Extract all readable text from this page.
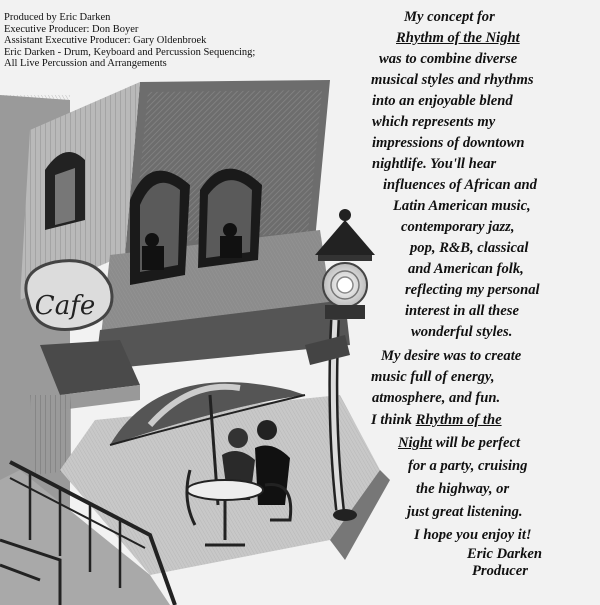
Cafe
Produced by Eric Darken
Executive Producer: Don Boyer
Assistant Executive Producer: Gary Oldenbroek
Eric Darken - Drum, Keyboard and Percussion Sequencing;
All Live Percussion and Arrangements
My concept for
Rhythm of the Night
was to combine diverse
musical styles and rhythms
into an enjoyable blend
which represents my
impressions of downtown
nightlife. You'll hear
influences of African and
Latin American music,
contemporary jazz,
pop, R&B, classical
and American folk,
reflecting my personal
interest in all these
wonderful styles.
My desire was to create
music full of energy,
atmosphere, and fun.
I think Rhythm of the
Night will be perfect
for a party, cruising
the highway, or
just great listening.
I hope you enjoy it!
Eric Darken
Producer
